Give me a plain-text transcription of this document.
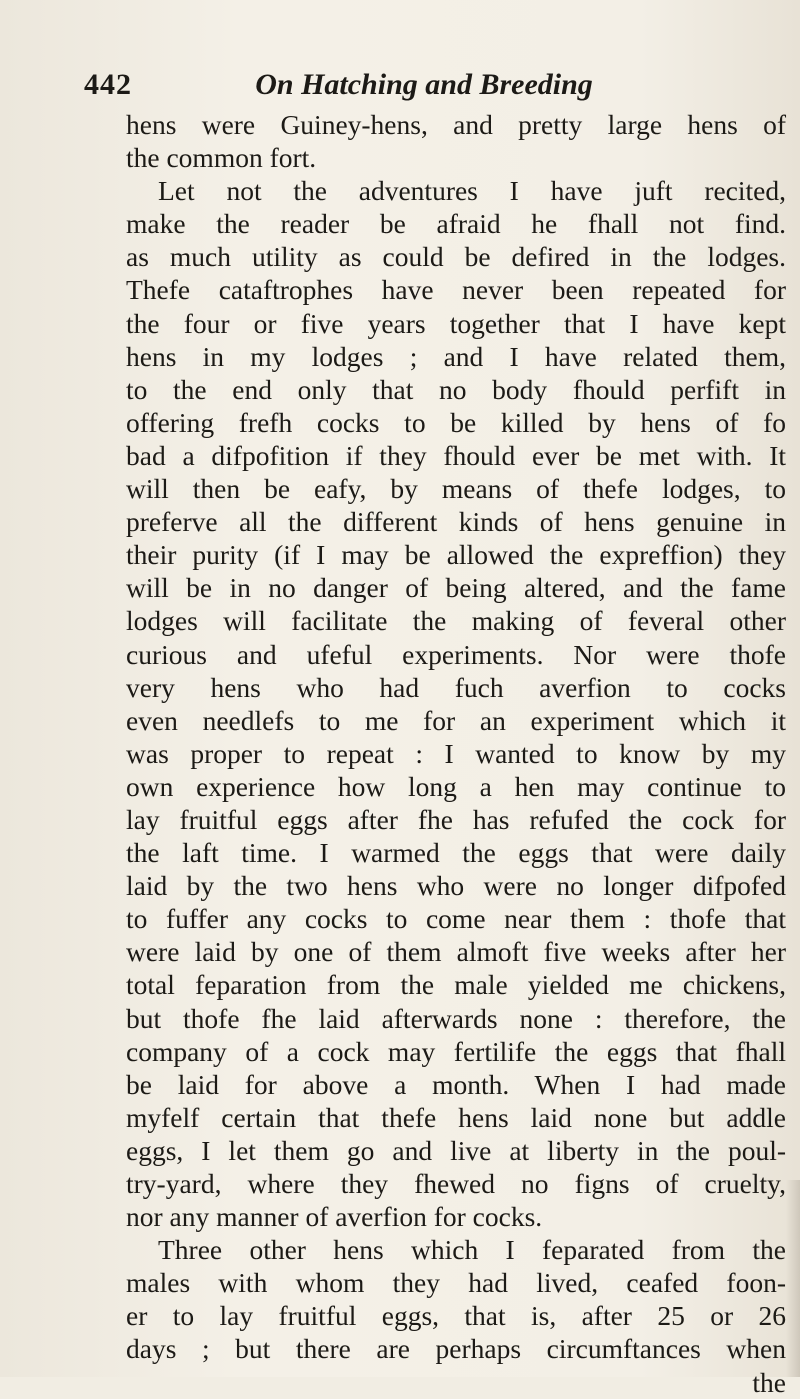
442	On Hatching and Breeding
hens were Guiney-hens, and pretty large hens of
the common fort.
Let not the adventures I have juft recited,
make the reader be afraid he fhall not find.
as much utility as could be defired in the lodges.
Thefe cataftrophes have never been repeated for
the four or five years together that I have kept
hens in my lodges ; and I have related them,
to the end only that no body fhould perfift in
offering frefh cocks to be killed by hens of fo
bad a difpofition if they fhould ever be met with. It
will then be eafy, by means of thefe lodges, to
preferve all the different kinds of hens genuine in
their purity (if I may be allowed the expreffion) they
will be in no danger of being altered, and the fame
lodges will facilitate the making of feveral other
curious and ufeful experiments. Nor were thofe
very hens who had fuch averfion to cocks
even needlefs to me for an experiment which it
was proper to repeat : I wanted to know by my
own experience how long a hen may continue to
lay fruitful eggs after fhe has refufed the cock for
the laft time. I warmed the eggs that were daily
laid by the two hens who were no longer difpofed
to fuffer any cocks to come near them : thofe that
were laid by one of them almoft five weeks after her
total feparation from the male yielded me chickens,
but thofe fhe laid afterwards none : therefore, the
company of a cock may fertilife the eggs that fhall
be laid for above a month. When I had made
myfelf certain that thefe hens laid none but addle
eggs, I let them go and live at liberty in the poul-
try-yard, where they fhewed no figns of cruelty,
nor any manner of averfion for cocks.
Three other hens which I feparated from the
males with whom they had lived, ceafed foon-
er to lay fruitful eggs, that is, after 25 or 26
days ; but there are perhaps circumftances when
the
